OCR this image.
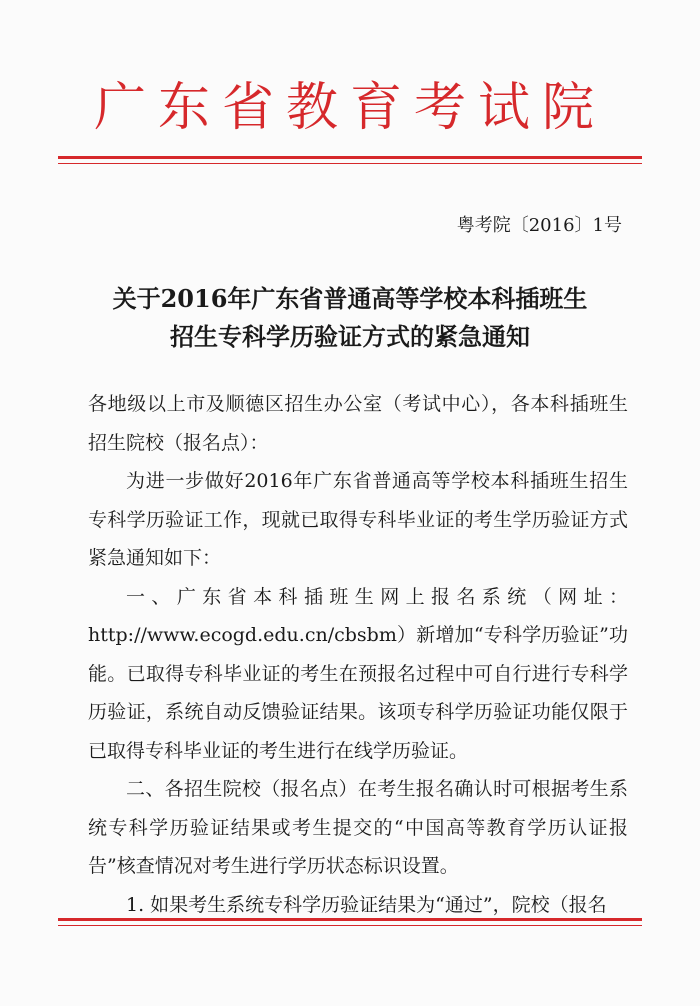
广东省教育考试院
粤考院〔2016〕1号
关于2016年广东省普通高等学校本科插班生
招生专科学历验证方式的紧急通知

各地级以上市及顺德区招生办公室（考试中心），各本科插班生招生院校（报名点）：

为进一步做好2016年广东省普通高等学校本科插班生招生专科学历验证工作，现就已取得专科毕业证的考生学历验证方式紧急通知如下：

一、广东省本科插班生网上报名系统（网址：http://www.ecogd.edu.cn/cbsbm）新增加“专科学历验证”功能。已取得专科毕业证的考生在预报名过程中可自行进行专科学历验证，系统自动反馈验证结果。该项专科学历验证功能仅限于已取得专科毕业证的考生进行在线学历验证。

二、各招生院校（报名点）在考生报名确认时可根据考生系统专科学历验证结果或考生提交的“中国高等教育学历认证报告”核查情况对考生进行学历状态标识设置。

1. 如果考生系统专科学历验证结果为“通过”，院校（报名
